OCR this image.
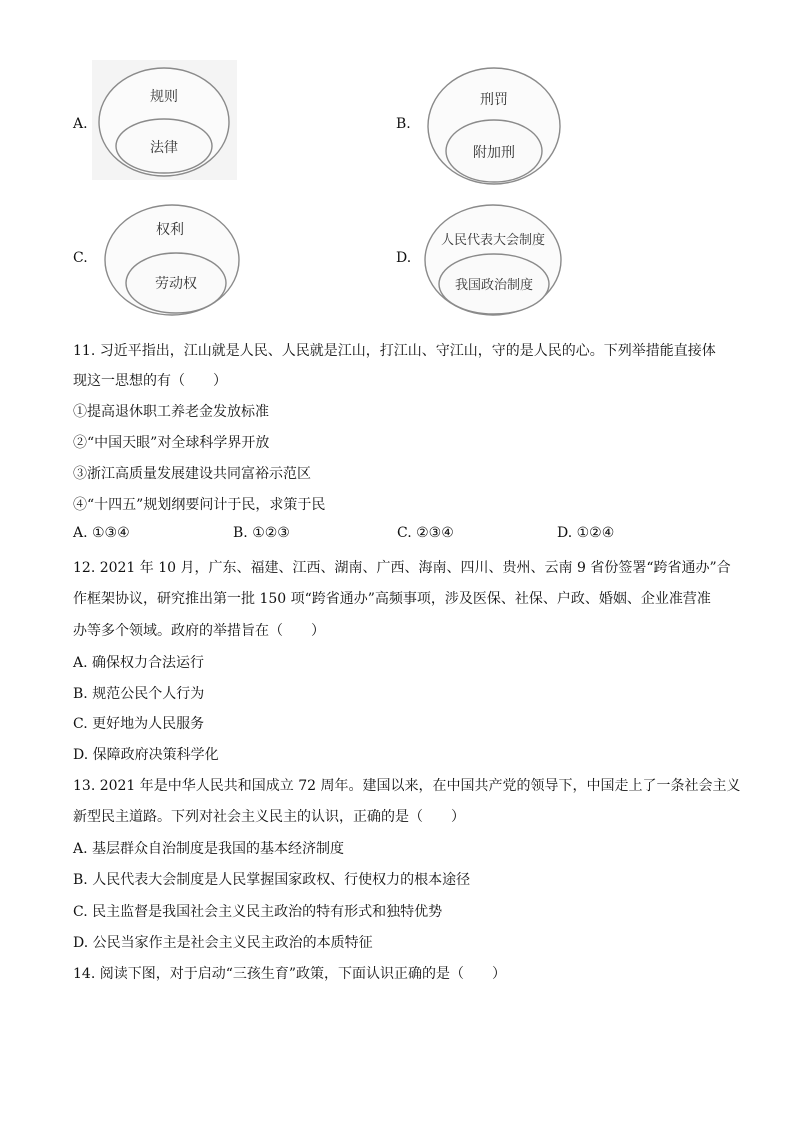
A.
规则
法律
B.
刑罚
附加刑
C.
权利
劳动权
D.
人民代表大会制度
我国政治制度
11. 习近平指出，江山就是人民、人民就是江山，打江山、守江山，守的是人民的心。下列举措能直接体
现这一思想的有（　　）
①提高退休职工养老金发放标准
②“中国天眼”对全球科学界开放
③浙江高质量发展建设共同富裕示范区
④“十四五”规划纲要问计于民，求策于民
A. ①③④	B. ①②③	C. ②③④	D. ①②④
12. 2021 年 10 月，广东、福建、江西、湖南、广西、海南、四川、贵州、云南 9 省份签署“跨省通办”合
作框架协议，研究推出第一批 150 项“跨省通办”高频事项，涉及医保、社保、户政、婚姻、企业准营准
办等多个领域。政府的举措旨在（　　）
A. 确保权力合法运行
B. 规范公民个人行为
C. 更好地为人民服务
D. 保障政府决策科学化
13. 2021 年是中华人民共和国成立 72 周年。建国以来，在中国共产党的领导下，中国走上了一条社会主义
新型民主道路。下列对社会主义民主的认识，正确的是（　　）
A. 基层群众自治制度是我国的基本经济制度
B. 人民代表大会制度是人民掌握国家政权、行使权力的根本途径
C. 民主监督是我国社会主义民主政治的特有形式和独特优势
D. 公民当家作主是社会主义民主政治的本质特征
14. 阅读下图，对于启动“三孩生育”政策，下面认识正确的是（　　）
